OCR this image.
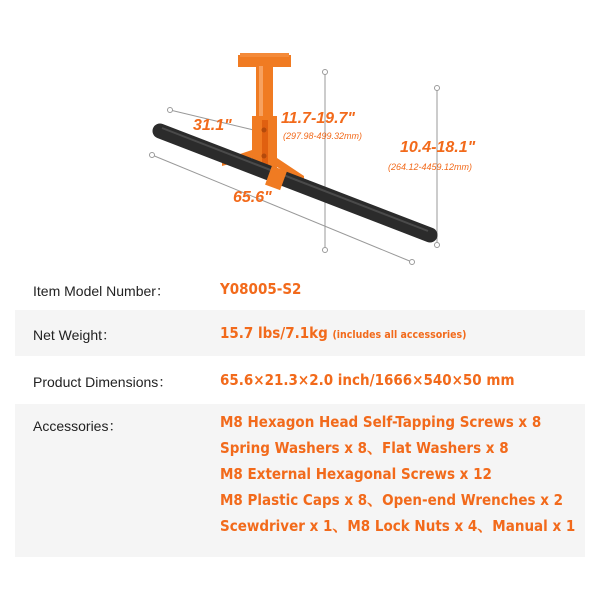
31.1"	11.7-19.7"
(297.98-499.32mm)
10.4-18.1"
(264.12-4459.12mm)
65.6"
Item Model Number：	Y08005-S2
Net Weight：	15.7 lbs/7.1kg (includes all accessories)
Product Dimensions：	65.6×21.3×2.0 inch/1666×540×50 mm
Accessories：	M8 Hexagon Head Self-Tapping Screws x 8
Spring Washers x 8、Flat Washers x 8
M8 External Hexagonal Screws x 12
M8 Plastic Caps x 8、Open-end Wrenches x 2
Scewdriver x 1、M8 Lock Nuts x 4、Manual x 1
